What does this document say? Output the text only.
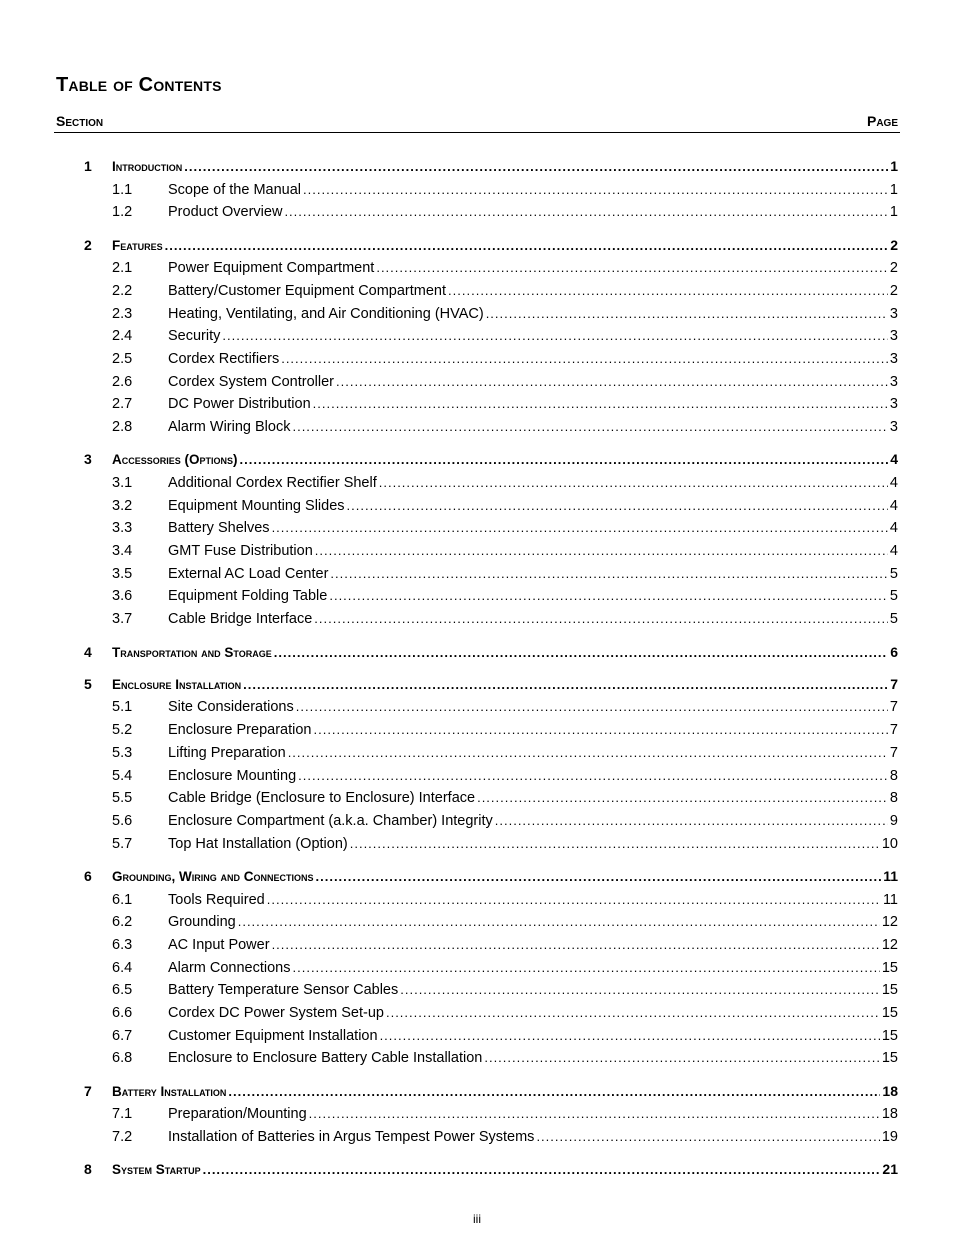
Table of Contents
Section	Page
1 Introduction .....	1
1.1 Scope of the Manual .....	1
1.2 Product Overview .....	1
2 Features .....	2
2.1 Power Equipment Compartment .....	2
2.2 Battery/Customer Equipment Compartment .....	2
2.3 Heating, Ventilating, and Air Conditioning (HVAC) .....	3
2.4 Security .....	3
2.5 Cordex Rectifiers .....	3
2.6 Cordex System Controller .....	3
2.7 DC Power Distribution .....	3
2.8 Alarm Wiring Block .....	3
3 Accessories (Options) .....	4
3.1 Additional Cordex Rectifier Shelf .....	4
3.2 Equipment Mounting Slides .....	4
3.3 Battery Shelves .....	4
3.4 GMT Fuse Distribution .....	4
3.5 External AC Load Center .....	5
3.6 Equipment Folding Table .....	5
3.7 Cable Bridge Interface .....	5
4 Transportation and Storage .....	6
5 Enclosure Installation .....	7
5.1 Site Considerations .....	7
5.2 Enclosure Preparation .....	7
5.3 Lifting Preparation .....	7
5.4 Enclosure Mounting .....	8
5.5 Cable Bridge (Enclosure to Enclosure) Interface .....	8
5.6 Enclosure Compartment (a.k.a. Chamber) Integrity .....	9
5.7 Top Hat Installation (Option) .....	10
6 Grounding, Wiring and Connections .....	11
6.1 Tools Required .....	11
6.2 Grounding .....	12
6.3 AC Input Power .....	12
6.4 Alarm Connections .....	15
6.5 Battery Temperature Sensor Cables .....	15
6.6 Cordex DC Power System Set-up .....	15
6.7 Customer Equipment Installation .....	15
6.8 Enclosure to Enclosure Battery Cable Installation .....	15
7 Battery Installation .....	18
7.1 Preparation/Mounting .....	18
7.2 Installation of Batteries in Argus Tempest Power Systems .....	19
8 System Startup .....	21
iii
